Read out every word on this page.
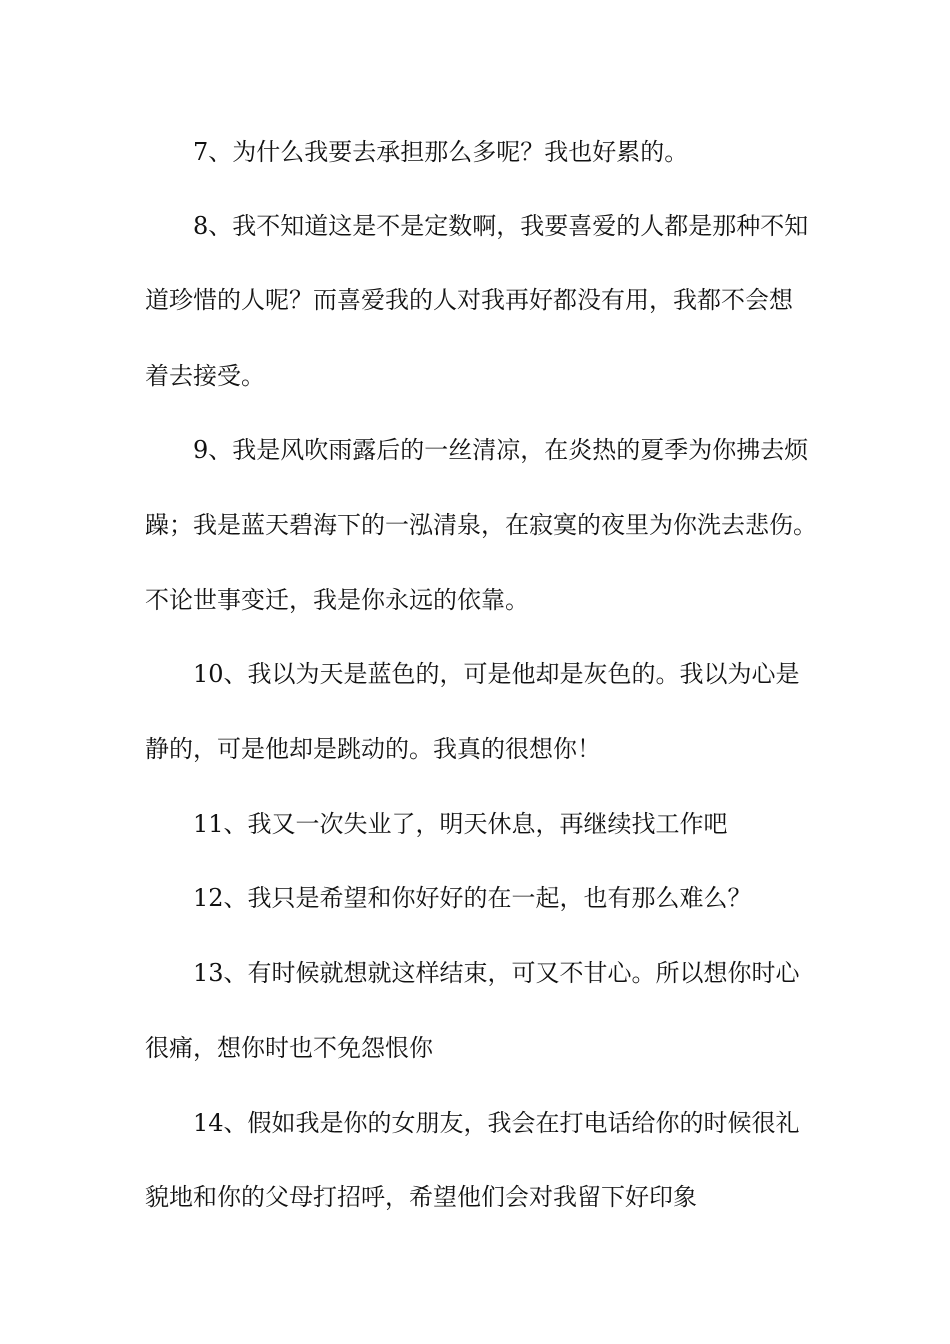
7、为什么我要去承担那么多呢？我也好累的。

8、我不知道这是不是定数啊，我要喜爱的人都是那种不知

道珍惜的人呢？而喜爱我的人对我再好都没有用，我都不会想

着去接受。

9、我是风吹雨露后的一丝清凉，在炎热的夏季为你拂去烦

躁；我是蓝天碧海下的一泓清泉，在寂寞的夜里为你洗去悲伤。

不论世事变迁，我是你永远的依靠。

10、我以为天是蓝色的，可是他却是灰色的。我以为心是

静的，可是他却是跳动的。我真的很想你！

11、我又一次失业了，明天休息，再继续找工作吧

12、我只是希望和你好好的在一起，也有那么难么？

13、有时候就想就这样结束，可又不甘心。所以想你时心

很痛，想你时也不免怨恨你

14、假如我是你的女朋友，我会在打电话给你的时候很礼

貌地和你的父母打招呼，希望他们会对我留下好印象
